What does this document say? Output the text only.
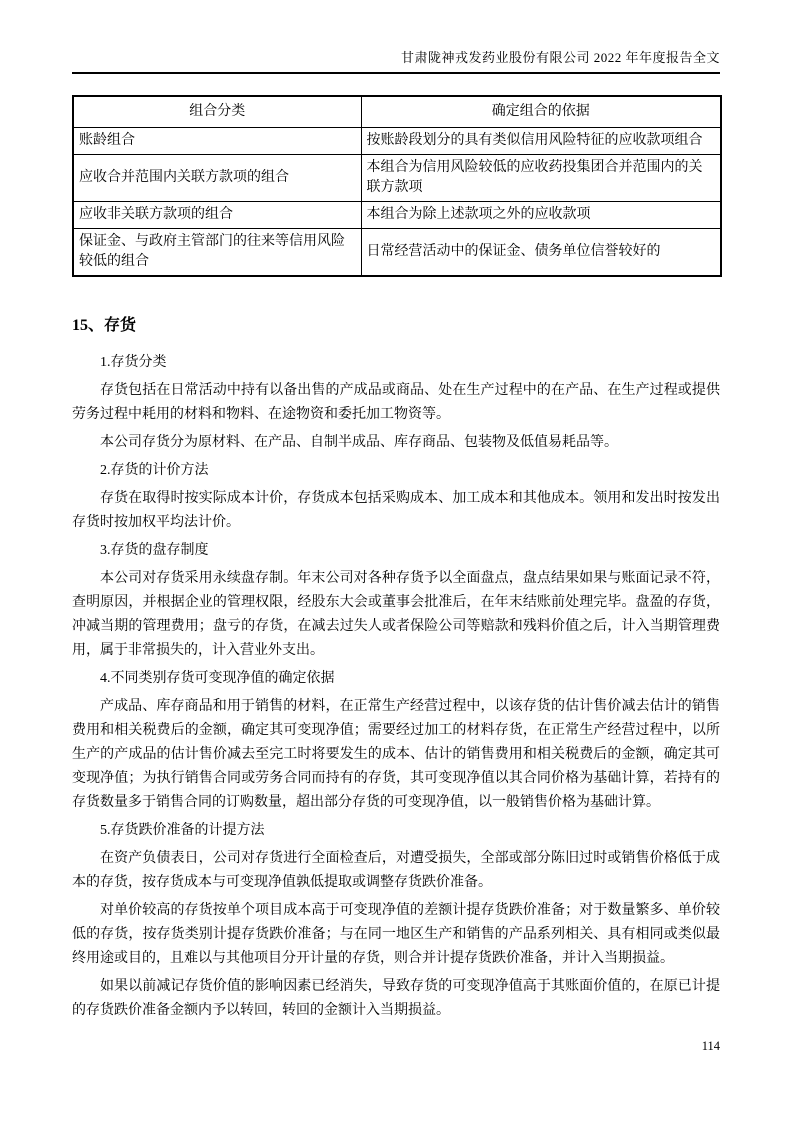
甘肃陇神戎发药业股份有限公司 2022 年年度报告全文
组合分类	确定组合的依据
账龄组合	按账龄段划分的具有类似信用风险特征的应收款项组合
应收合并范围内关联方款项的组合	本组合为信用风险较低的应收药投集团合并范围内的关联方款项
应收非关联方款项的组合	本组合为除上述款项之外的应收款项
保证金、与政府主管部门的往来等信用风险较低的组合	日常经营活动中的保证金、债务单位信誉较好的
15、存货

1.存货分类

存货包括在日常活动中持有以备出售的产成品或商品、处在生产过程中的在产品、在生产过程或提供劳务过程中耗用的材料和物料、在途物资和委托加工物资等。

本公司存货分为原材料、在产品、自制半成品、库存商品、包装物及低值易耗品等。

2.存货的计价方法

存货在取得时按实际成本计价，存货成本包括采购成本、加工成本和其他成本。领用和发出时按发出存货时按加权平均法计价。

3.存货的盘存制度

本公司对存货采用永续盘存制。年末公司对各种存货予以全面盘点，盘点结果如果与账面记录不符，查明原因，并根据企业的管理权限，经股东大会或董事会批准后，在年末结账前处理完毕。盘盈的存货，冲减当期的管理费用；盘亏的存货，在减去过失人或者保险公司等赔款和残料价值之后，计入当期管理费用，属于非常损失的，计入营业外支出。

4.不同类别存货可变现净值的确定依据

产成品、库存商品和用于销售的材料，在正常生产经营过程中，以该存货的估计售价减去估计的销售费用和相关税费后的金额，确定其可变现净值；需要经过加工的材料存货，在正常生产经营过程中，以所生产的产成品的估计售价减去至完工时将要发生的成本、估计的销售费用和相关税费后的金额，确定其可变现净值；为执行销售合同或劳务合同而持有的存货，其可变现净值以其合同价格为基础计算，若持有的存货数量多于销售合同的订购数量，超出部分存货的可变现净值，以一般销售价格为基础计算。

5.存货跌价准备的计提方法

在资产负债表日，公司对存货进行全面检查后，对遭受损失，全部或部分陈旧过时或销售价格低于成本的存货，按存货成本与可变现净值孰低提取或调整存货跌价准备。

对单价较高的存货按单个项目成本高于可变现净值的差额计提存货跌价准备；对于数量繁多、单价较低的存货，按存货类别计提存货跌价准备；与在同一地区生产和销售的产品系列相关、具有相同或类似最终用途或目的，且难以与其他项目分开计量的存货，则合并计提存货跌价准备，并计入当期损益。

如果以前减记存货价值的影响因素已经消失，导致存货的可变现净值高于其账面价值的，在原已计提的存货跌价准备金额内予以转回，转回的金额计入当期损益。

114
